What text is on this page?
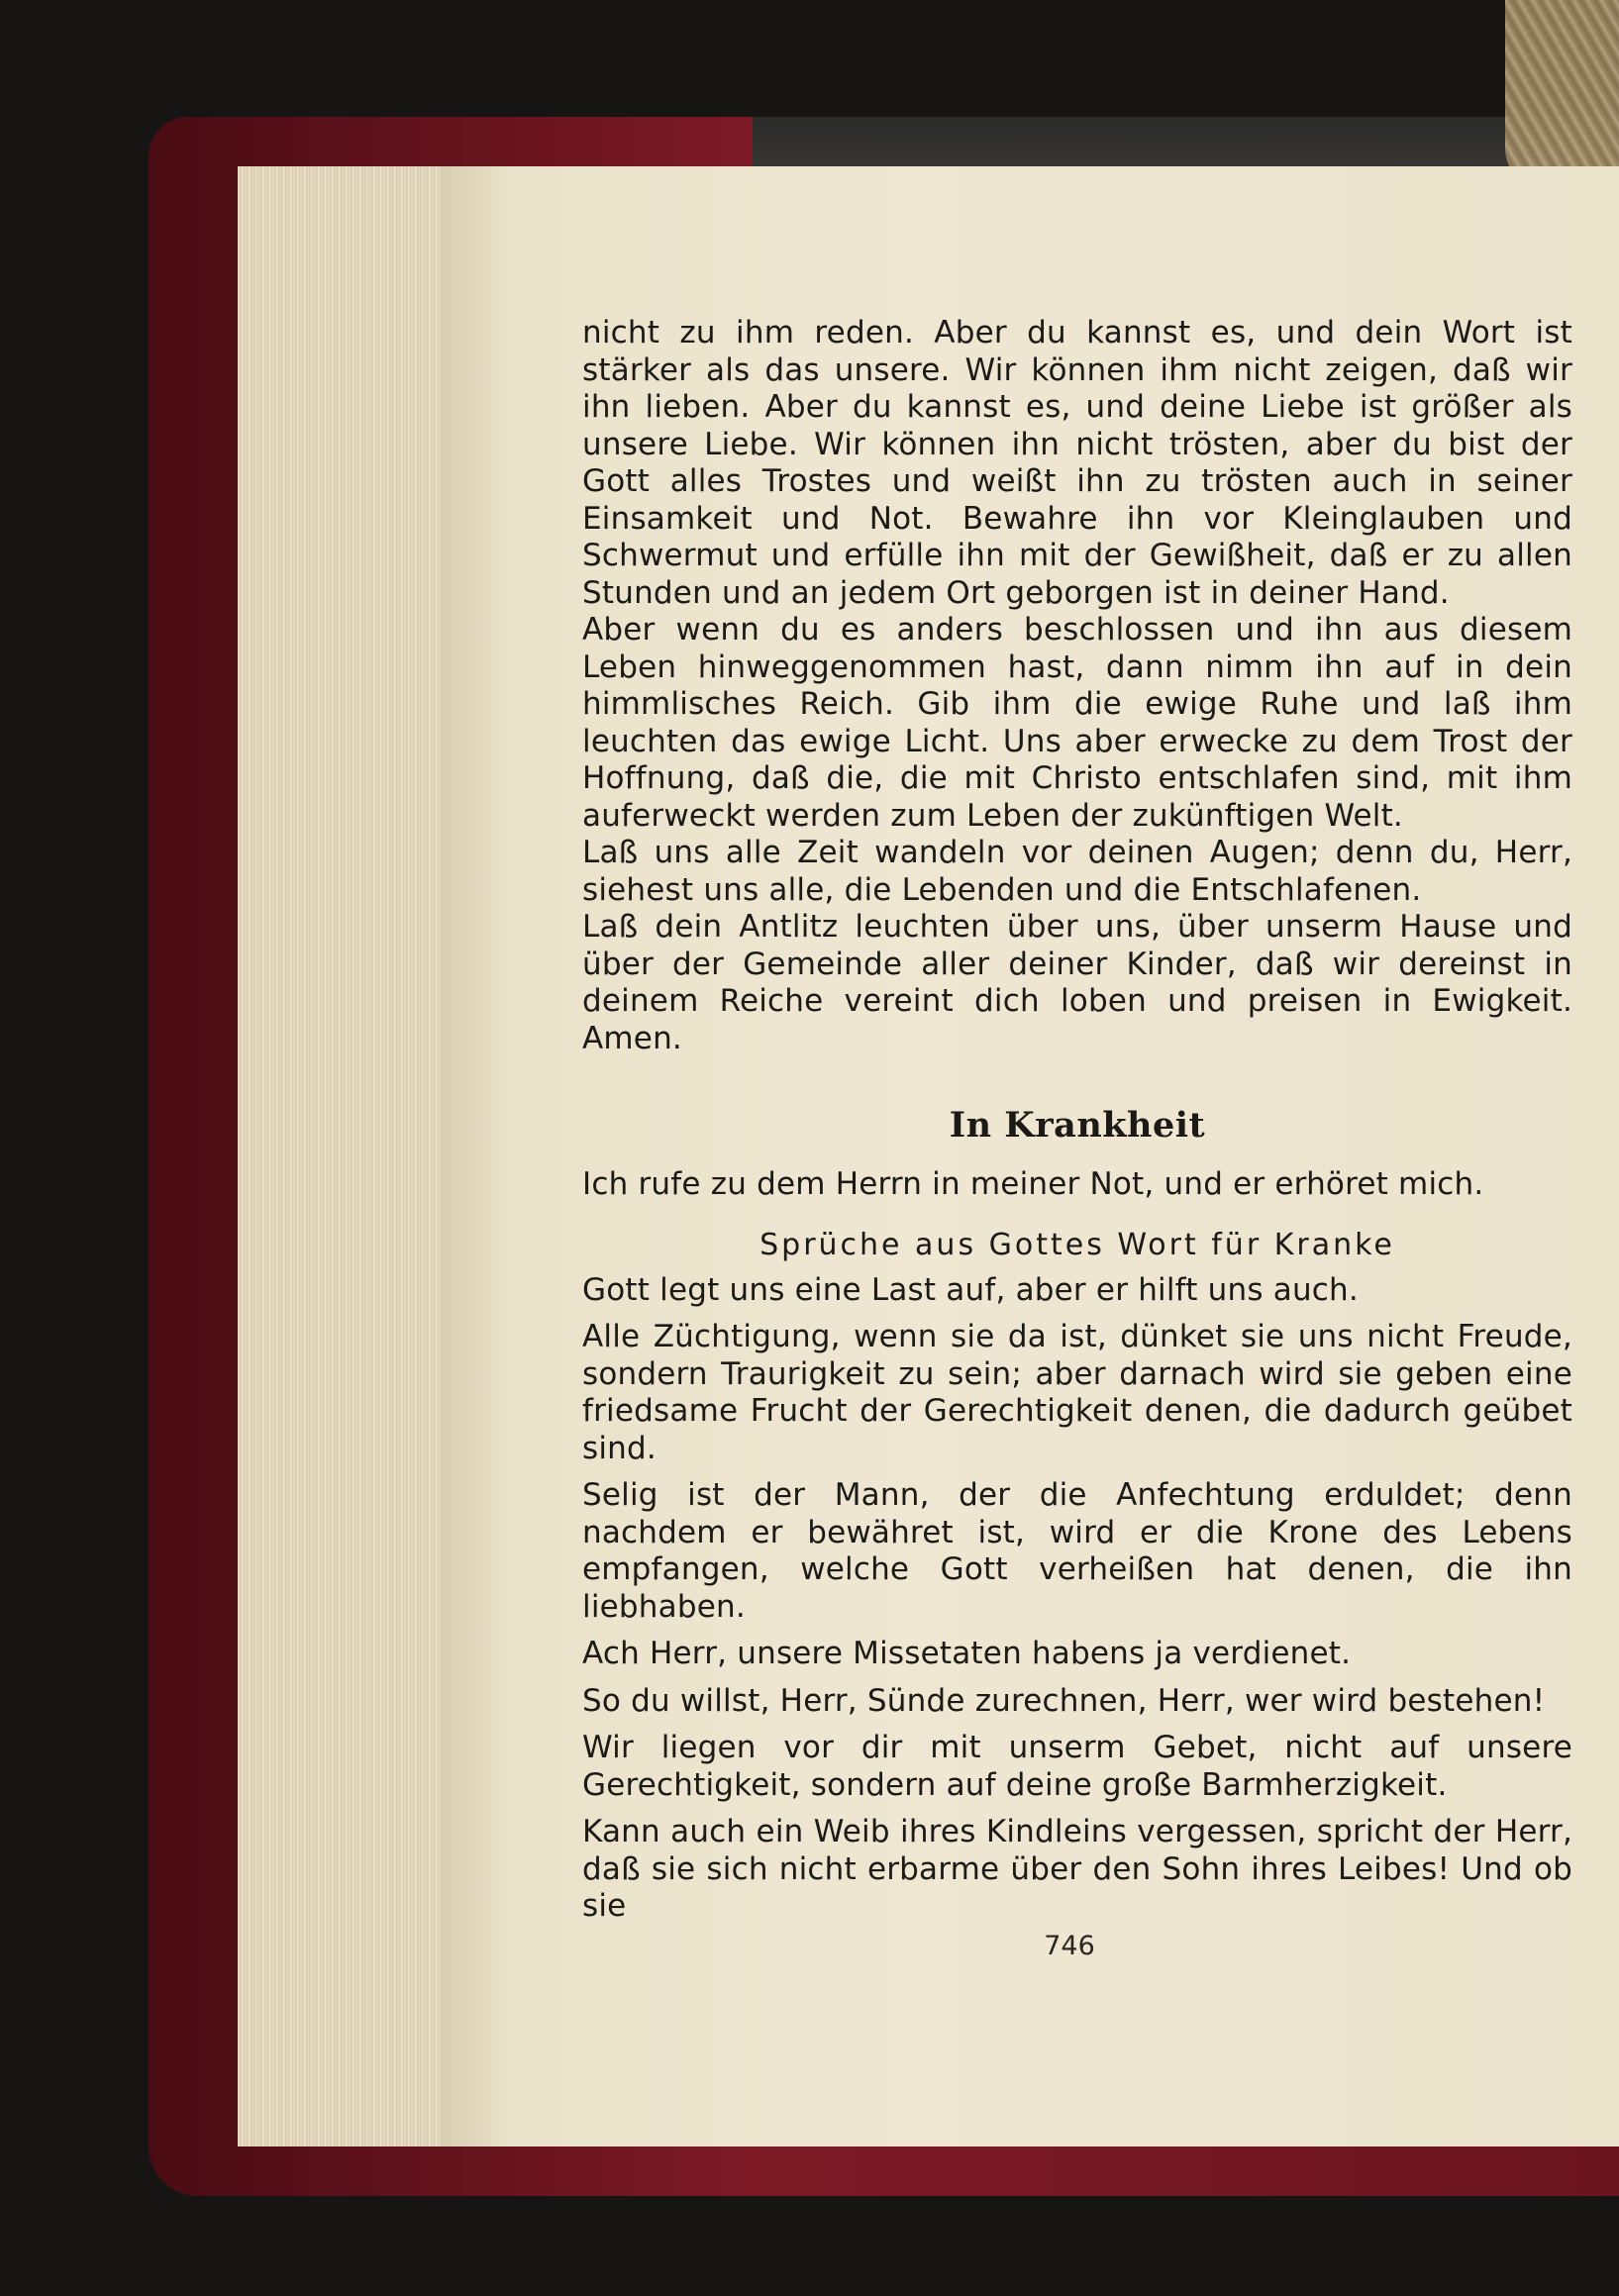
nicht zu ihm reden. Aber du kannst es, und dein Wort ist stärker als das unsere. Wir können ihm nicht zeigen, daß wir ihn lieben. Aber du kannst es, und deine Liebe ist größer als unsere Liebe. Wir können ihn nicht trösten, aber du bist der Gott alles Trostes und weißt ihn zu trösten auch in seiner Einsamkeit und Not. Bewahre ihn vor Kleinglauben und Schwermut und erfülle ihn mit der Gewißheit, daß er zu allen Stunden und an jedem Ort geborgen ist in deiner Hand.

Aber wenn du es anders beschlossen und ihn aus diesem Leben hinweggenommen hast, dann nimm ihn auf in dein himmlisches Reich. Gib ihm die ewige Ruhe und laß ihm leuchten das ewige Licht. Uns aber erwecke zu dem Trost der Hoffnung, daß die, die mit Christo entschlafen sind, mit ihm auferweckt werden zum Leben der zukünftigen Welt.

Laß uns alle Zeit wandeln vor deinen Augen; denn du, Herr, siehest uns alle, die Lebenden und die Entschlafenen.

Laß dein Antlitz leuchten über uns, über unserm Hause und über der Gemeinde aller deiner Kinder, daß wir dereinst in deinem Reiche vereint dich loben und preisen in Ewigkeit. Amen.

In Krankheit

Ich rufe zu dem Herrn in meiner Not, und er erhöret mich.

Sprüche aus Gottes Wort für Kranke

Gott legt uns eine Last auf, aber er hilft uns auch.

Alle Züchtigung, wenn sie da ist, dünket sie uns nicht Freude, sondern Traurigkeit zu sein; aber darnach wird sie geben eine friedsame Frucht der Gerechtigkeit denen, die dadurch geübet sind.

Selig ist der Mann, der die Anfechtung erduldet; denn nachdem er bewähret ist, wird er die Krone des Lebens empfangen, welche Gott verheißen hat denen, die ihn liebhaben.

Ach Herr, unsere Missetaten habens ja verdienet.

So du willst, Herr, Sünde zurechnen, Herr, wer wird bestehen!

Wir liegen vor dir mit unserm Gebet, nicht auf unsere Gerechtigkeit, sondern auf deine große Barmherzigkeit.

Kann auch ein Weib ihres Kindleins vergessen, spricht der Herr, daß sie sich nicht erbarme über den Sohn ihres Leibes! Und ob sie

746
